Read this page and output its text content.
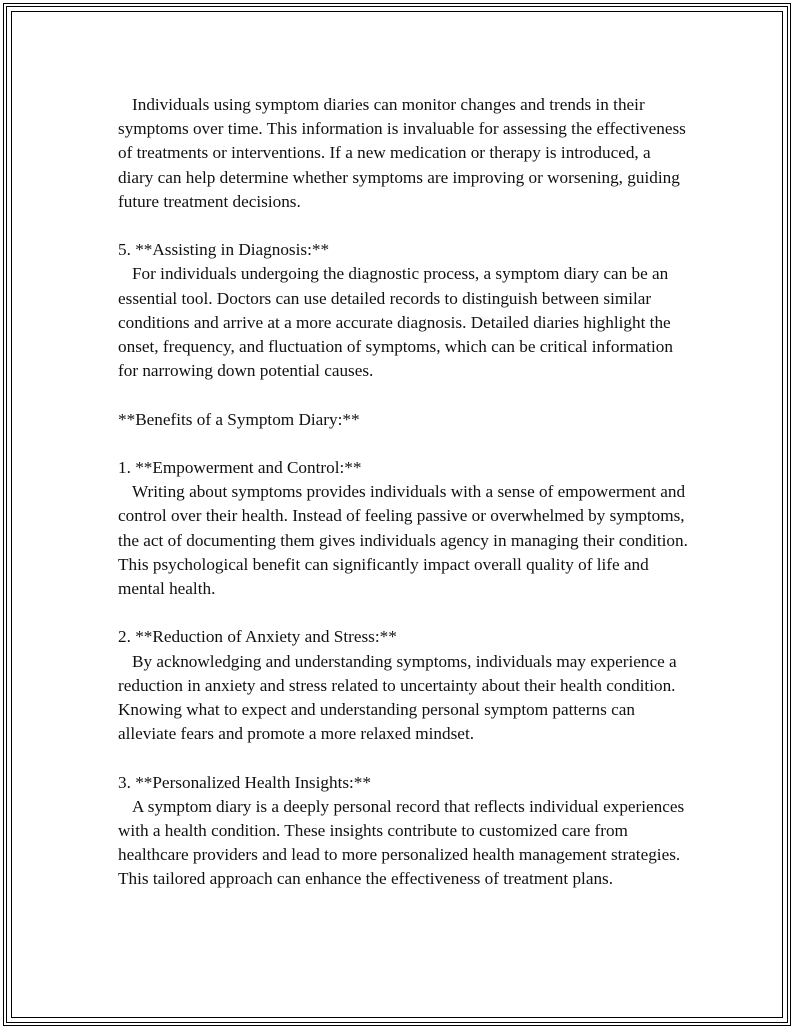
Individuals using symptom diaries can monitor changes and trends in their symptoms over time. This information is invaluable for assessing the effectiveness of treatments or interventions. If a new medication or therapy is introduced, a diary can help determine whether symptoms are improving or worsening, guiding future treatment decisions.

5. **Assisting in Diagnosis:**

For individuals undergoing the diagnostic process, a symptom diary can be an essential tool. Doctors can use detailed records to distinguish between similar conditions and arrive at a more accurate diagnosis. Detailed diaries highlight the onset, frequency, and fluctuation of symptoms, which can be critical information for narrowing down potential causes.

**Benefits of a Symptom Diary:**

1. **Empowerment and Control:**

Writing about symptoms provides individuals with a sense of empowerment and control over their health. Instead of feeling passive or overwhelmed by symptoms, the act of documenting them gives individuals agency in managing their condition. This psychological benefit can significantly impact overall quality of life and mental health.

2. **Reduction of Anxiety and Stress:**

By acknowledging and understanding symptoms, individuals may experience a reduction in anxiety and stress related to uncertainty about their health condition. Knowing what to expect and understanding personal symptom patterns can alleviate fears and promote a more relaxed mindset.

3. **Personalized Health Insights:**

A symptom diary is a deeply personal record that reflects individual experiences with a health condition. These insights contribute to customized care from healthcare providers and lead to more personalized health management strategies. This tailored approach can enhance the effectiveness of treatment plans.
